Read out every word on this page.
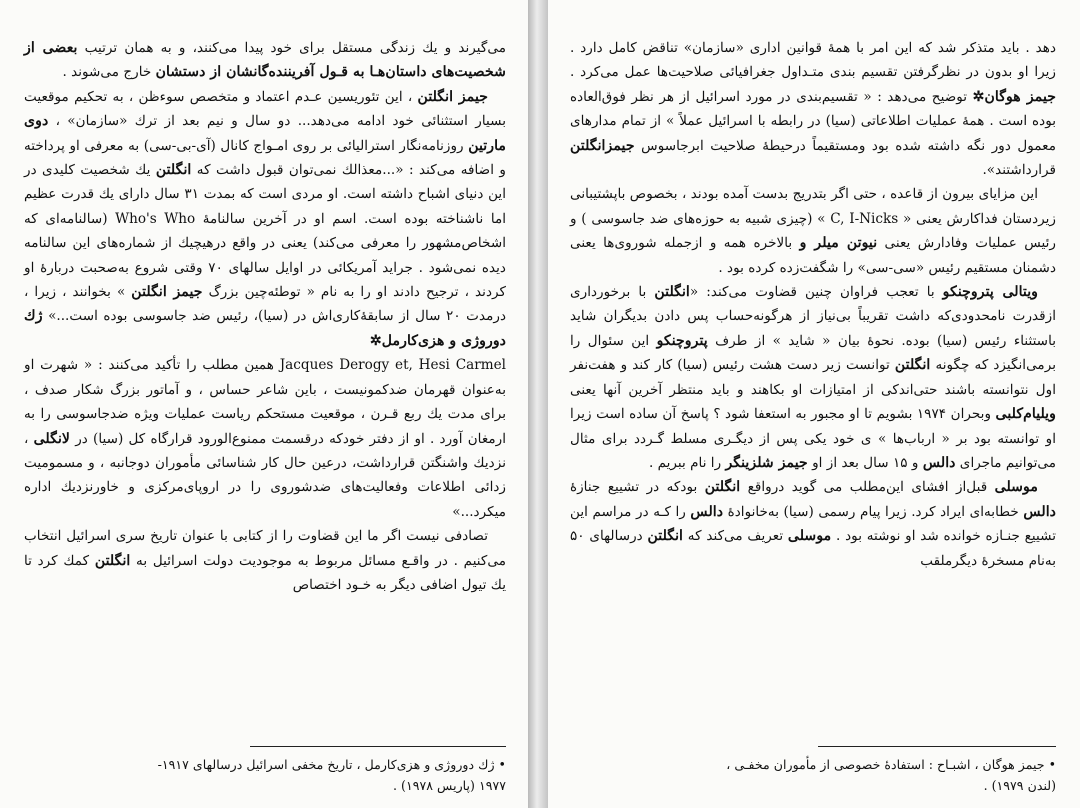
می‌گیرند و یك زندگی مستقل برای خود پیدا می‌کنند، و به همان ترتیب بعضی از شخصیت‌های داستان‌هـا به قـول آفریننده‌گانشان از دستشان خارج می‌شوند .

جیمز انگلتن ، این تئوریسین عـدم اعتماد و متخصص سوءظن ، به تحکیم موقعیت بسیار استثنائی خود ادامه می‌دهد... دو سال و نیم بعد از ترك «سازمان» ، دوی مارتین روزنامه‌نگار استرالیائی بر روی امـواج کانال (آی-بی-سی) به معرفی او پرداخته و اضافه می‌کند : «...معذالك نمی‌توان قبول داشت که انگلتن یك شخصیت کلیدی در این دنیای اشباح داشته است. او مردی است که بمدت ۳۱ سال دارای یك قدرت عظیم اما ناشناخته بوده است. اسم او در آخرین سالنامهٔ Who's Who (سالنامه‌ای که اشخاص‌مشهور را معرفی می‌کند) یعنی در واقع درهیچیك از شماره‌های این سالنامه دیده نمی‌شود . جراید آمریکائی در اوایل سالهای ۷۰ وقتی شروع به‌صحبت دربارهٔ او کردند ، ترجیح دادند او را به نام « توطئه‌چین بزرگ جیمز انگلتن » بخوانند ، زیرا ، درمدت ۲۰ سال از سابقهٔ‌کاری‌اش در (سیا)، رئیس ضد جاسوسی بوده است...» ژك دوروژی و هزی‌کارمل✲

Jacques Derogy et, Hesi Carmel همین مطلب را تأکید می‌کنند : « شهرت او به‌عنوان قهرمان ضدکمونیست ، باین شاعر حساس ، و آماتور بزرگ شکار صدف ، برای مدت یك ربع قـرن ، موقعیت مستحکم ریاست عملیات ویژه ضدجاسوسی را به ارمغان آورد . او از دفتر خودکه درقسمت ممنوع‌الورود قرارگاه کل (سیا) در لانگلی ، نزدیك واشنگتن قرارداشت، درعین حال کار شناسائی مأموران دوجانبه ، و مسمومیت زدائی اطلاعات وفعالیت‌های ضدشوروی را در اروپای‌مرکزی و خاورنزدیك اداره میکرد...»

تصادفی نیست اگر ما این قضاوت را از کتابی با عنوان تاریخ سری اسرائیل انتخاب می‌کنیم . در واقـع مسائل مربوط به موجودیت دولت اسرائیل به انگلتن کمك کرد تا یك تیول اضافی دیگر به خـود اختصاص

• ژك دوروژی و هزی‌کارمل ، تاریخ مخفی اسرائیل درسالهای ۱۹۱۷-
۱۹۷۷ (پاریس ۱۹۷۸) .

دهد . باید متذکر شد که این امر با همهٔ قوانین اداری «سازمان» تناقض کامل دارد . زیرا او بدون در نظرگرفتن تقسیم بندی متـداول جغرافیائی صلاحیت‌ها عمل می‌کرد . جیمز هوگان✲ توضیح می‌دهد : « تقسیم‌بندی در مورد اسرائیل از هر نظر فوق‌العاده بوده است . همهٔ عملیات اطلاعاتی (سیا) در رابطه با اسرائیل عملاً » از تمام مدارهای معمول دور نگه داشته شده بود ومستقیماً درحیطهٔ صلاحیت ابرجاسوس جیمزانگلتن قرارداشتند».

این مزایای بیرون از قاعده ، حتی اگر بتدریج بدست آمده بودند ، بخصوص باپشتیبانی زیردستان فداکارش یعنی « C, I-Nicks » (چیزی شبیه به حوزه‌های ضد جاسوسی ) و رئیس عملیات وفادارش یعنی نیوتن میلر و بالاخره همه و ازجمله شوروی‌ها یعنی دشمنان مستقیم رئیس «سی-سی» را شگفت‌زده کرده بود .

ویتالی پتروچنکو با تعجب فراوان چنین قضاوت می‌کند: «انگلتن با برخورداری ازقدرت نامحدودی‌که داشت تقریباً بی‌نیاز از هرگونه‌حساب پس دادن بدیگران شاید باستثناء رئیس (سیا) بوده. نحوهٔ بیان « شاید » از طرف پتروچنکو این سئوال را برمی‌انگیزد که چگونه انگلتن توانست زیر دست هشت رئیس (سیا) کار کند و هفت‌نفر اول نتوانسته باشند حتی‌اندکی از امتیازات او بکاهند و باید منتظر آخرین آنها یعنی ویلیام‌کلبی وبحران ۱۹۷۴ بشویم تا او مجبور به استعفا شود ؟ پاسخ آن ساده است زیرا او توانسته بود بر « ارباب‌ها » ی خود یکی پس از دیگـری مسلط گـردد برای مثال می‌توانیم ماجرای دالس و ۱۵ سال بعد از او جیمز شلزینگر را نام ببریم .

موسلی قبل‌از افشای این‌مطلب می گوید درواقع انگلتن بودکه در تشییع جنازهٔ دالس خطابه‌ای ایراد کرد. زیرا پیام رسمی (سیا) به‌خانوادهٔ دالس را کـه در مراسم این تشییع جنـازه خوانده شد او نوشته بود . موسلی تعریف می‌کند که انگلتن درسالهای ۵۰ به‌نام مسخرهٔ دیگرملقب

• جیمز هوگان ، اشبـاح : استفادهٔ خصوصی از مأموران مخفـی ،
(لندن ۱۹۷۹) .
